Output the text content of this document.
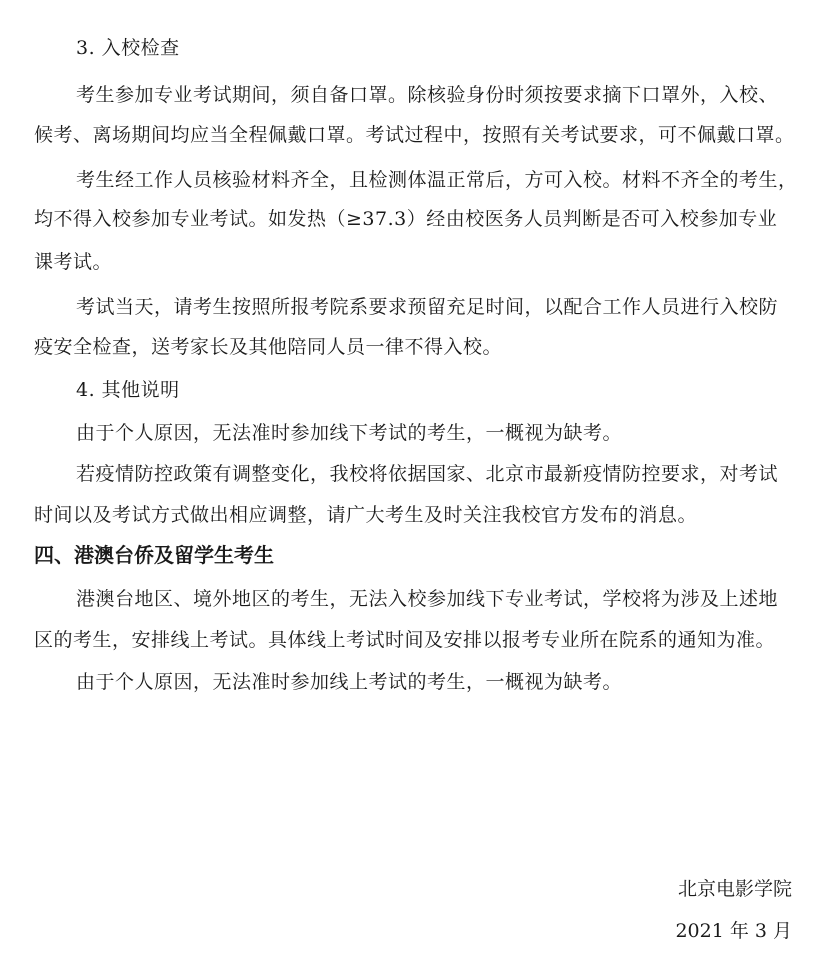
3. 入校检查
考生参加专业考试期间，须自备口罩。除核验身份时须按要求摘下口罩外，入校、
候考、离场期间均应当全程佩戴口罩。考试过程中，按照有关考试要求，可不佩戴口罩。
考生经工作人员核验材料齐全，且检测体温正常后，方可入校。材料不齐全的考生，
均不得入校参加专业考试。如发热（≥37.3）经由校医务人员判断是否可入校参加专业
课考试。
考试当天，请考生按照所报考院系要求预留充足时间，以配合工作人员进行入校防
疫安全检查，送考家长及其他陪同人员一律不得入校。
4. 其他说明
由于个人原因，无法准时参加线下考试的考生，一概视为缺考。
若疫情防控政策有调整变化，我校将依据国家、北京市最新疫情防控要求，对考试
时间以及考试方式做出相应调整，请广大考生及时关注我校官方发布的消息。
四、港澳台侨及留学生考生
港澳台地区、境外地区的考生，无法入校参加线下专业考试，学校将为涉及上述地
区的考生，安排线上考试。具体线上考试时间及安排以报考专业所在院系的通知为准。
由于个人原因，无法准时参加线上考试的考生，一概视为缺考。
北京电影学院
2021 年 3 月
